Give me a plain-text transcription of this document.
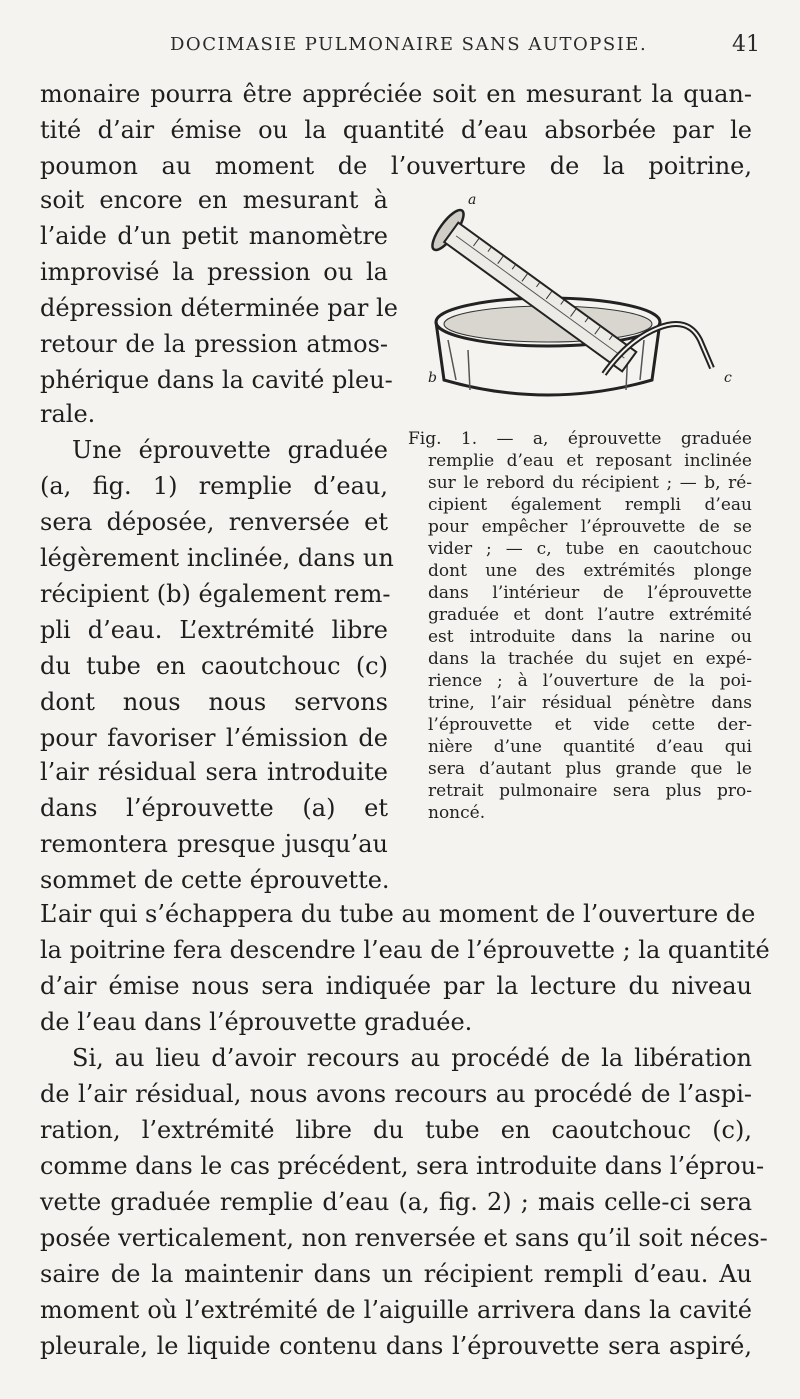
DOCIMASIE PULMONAIRE SANS AUTOPSIE.	41
monaire pourra être appréciée soit en mesurant la quan-
tité d’air émise ou la quantité d’eau absorbée par le
poumon au moment de l’ouverture de la poitrine,
soit encore en mesurant à
l’aide d’un petit manomètre
improvisé la pression ou la
dépression déterminée par le
retour de la pression atmos-
phérique dans la cavité pleu-
rale.
Une éprouvette graduée
(a, fig. 1) remplie d’eau,
sera déposée, renversée et
légèrement inclinée, dans un
récipient (b) également rem-
pli d’eau. L’extrémité libre
du tube en caoutchouc (c)
dont nous nous servons
pour favoriser l’émission de
l’air résidual sera introduite
dans l’éprouvette (a) et
remontera presque jusqu’au
sommet de cette éprouvette.
a
b	c
Fig. 1. — a, éprouvette graduée
remplie d’eau et reposant inclinée
sur le rebord du récipient ; — b, ré-
cipient également rempli d’eau
pour empêcher l’éprouvette de se
vider ; — c, tube en caoutchouc
dont une des extrémités plonge
dans l’intérieur de l’éprouvette
graduée et dont l’autre extrémité
est introduite dans la narine ou
dans la trachée du sujet en expé-
rience ; à l’ouverture de la poi-
trine, l’air résidual pénètre dans
l’éprouvette et vide cette der-
nière d’une quantité d’eau qui
sera d’autant plus grande que le
retrait pulmonaire sera plus pro-
noncé.
L’air qui s’échappera du tube au moment de l’ouverture de
la poitrine fera descendre l’eau de l’éprouvette ; la quantité
d’air émise nous sera indiquée par la lecture du niveau
de l’eau dans l’éprouvette graduée.
Si, au lieu d’avoir recours au procédé de la libération
de l’air résidual, nous avons recours au procédé de l’aspi-
ration, l’extrémité libre du tube en caoutchouc (c),
comme dans le cas précédent, sera introduite dans l’éprou-
vette graduée remplie d’eau (a, fig. 2) ; mais celle-ci sera
posée verticalement, non renversée et sans qu’il soit néces-
saire de la maintenir dans un récipient rempli d’eau. Au
moment où l’extrémité de l’aiguille arrivera dans la cavité
pleurale, le liquide contenu dans l’éprouvette sera aspiré,
